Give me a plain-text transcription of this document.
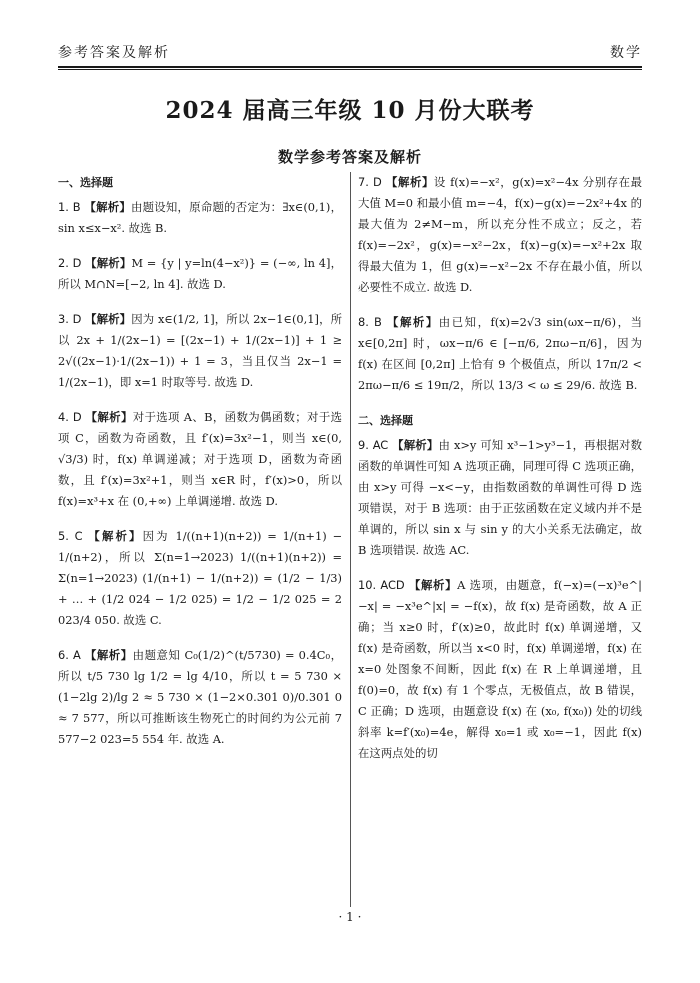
参考答案及解析	数学
2024 届高三年级 10 月份大联考
数学参考答案及解析
一、选择题
1. B 【解析】由题设知，原命题的否定为：∃x∈(0,1)，sin x≤x−x². 故选 B.
2. D 【解析】M = {y | y=ln(4−x²)} = (−∞, ln 4]，所以 M∩N=[−2, ln 4]. 故选 D.
3. D 【解析】因为 x∈(1/2, 1]，所以 2x−1∈(0,1]，所以 2x + 1/(2x−1) = [(2x−1) + 1/(2x−1)] + 1 ≥ 2√((2x−1)·1/(2x−1)) + 1 = 3，当且仅当 2x−1 = 1/(2x−1)，即 x=1 时取等号. 故选 D.
4. D 【解析】对于选项 A、B，函数为偶函数；对于选项 C，函数为奇函数，且 f′(x)=3x²−1，则当 x∈(0, √3/3) 时，f(x) 单调递减；对于选项 D，函数为奇函数，且 f′(x)=3x²+1，则当 x∈R 时，f′(x)>0，所以 f(x)=x³+x 在 (0,+∞) 上单调递增. 故选 D.
5. C 【解析】因为 1/((n+1)(n+2)) = 1/(n+1) − 1/(n+2)，所以 Σ(n=1→2023) 1/((n+1)(n+2)) = Σ(n=1→2023) (1/(n+1) − 1/(n+2)) = (1/2 − 1/3) + … + (1/2 024 − 1/2 025) = 1/2 − 1/2 025 = 2 023/4 050. 故选 C.
6. A 【解析】由题意知 C₀(1/2)^(t/5730) = 0.4C₀，所以 t/5 730 lg 1/2 = lg 4/10，所以 t = 5 730 × (1−2lg 2)/lg 2 ≈ 5 730 × (1−2×0.301 0)/0.301 0 ≈ 7 577，所以可推断该生物死亡的时间约为公元前 7 577−2 023=5 554 年. 故选 A.
7. D 【解析】设 f(x)=−x²，g(x)=x²−4x 分别存在最大值 M=0 和最小值 m=−4，f(x)−g(x)=−2x²+4x 的最大值为 2≠M−m，所以充分性不成立；反之，若 f(x)=−2x²，g(x)=−x²−2x，f(x)−g(x)=−x²+2x 取得最大值为 1，但 g(x)=−x²−2x 不存在最小值，所以必要性不成立. 故选 D.
8. B 【解析】由已知，f(x)=2√3 sin(ωx−π/6)，当 x∈[0,2π] 时，ωx−π/6 ∈ [−π/6, 2πω−π/6]，因为 f(x) 在区间 [0,2π] 上恰有 9 个极值点，所以 17π/2 < 2πω−π/6 ≤ 19π/2，所以 13/3 < ω ≤ 29/6. 故选 B.
二、选择题
9. AC 【解析】由 x>y 可知 x³−1>y³−1，再根据对数函数的单调性可知 A 选项正确，同理可得 C 选项正确，由 x>y 可得 −x<−y，由指数函数的单调性可得 D 选项错误，对于 B 选项：由于正弦函数在定义域内并不是单调的，所以 sin x 与 sin y 的大小关系无法确定，故 B 选项错误. 故选 AC.
10. ACD 【解析】A 选项，由题意，f(−x)=(−x)³e^|−x| = −x³e^|x| = −f(x)，故 f(x) 是奇函数，故 A 正确；当 x≥0 时，f′(x)≥0，故此时 f(x) 单调递增，又 f(x) 是奇函数，所以当 x<0 时，f(x) 单调递增，f(x) 在 x=0 处图象不间断，因此 f(x) 在 R 上单调递增，且 f(0)=0，故 f(x) 有 1 个零点，无极值点，故 B 错误，C 正确；D 选项，由题意设 f(x) 在 (x₀, f(x₀)) 处的切线斜率 k=f′(x₀)=4e，解得 x₀=1 或 x₀=−1，因此 f(x) 在这两点处的切
· 1 ·
